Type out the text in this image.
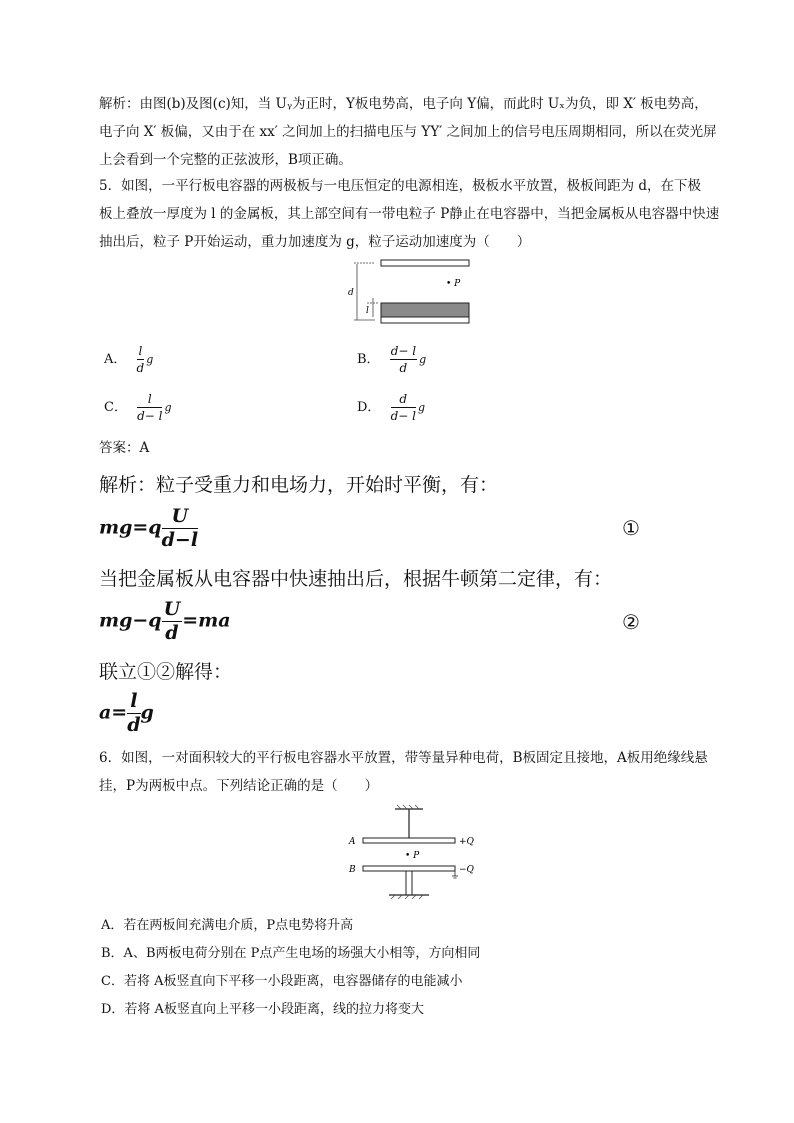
解析：由图(b)及图(c)知，当 Uᵧ为正时，Y板电势高，电子向 Y偏，而此时 Uₓ为负，即 X′ 板电势高，
电子向 X′ 板偏，又由于在 xx′ 之间加上的扫描电压与 YY′ 之间加上的信号电压周期相同，所以在荧光屏
上会看到一个完整的正弦波形，B项正确。
5．如图，一平行板电容器的两极板与一电压恒定的电源相连，极板水平放置，极板间距为 d，在下极
板上叠放一厚度为 l 的金属板，其上部空间有一带电粒子 P静止在电容器中，当把金属板从电容器中快速
抽出后，粒子 P开始运动，重力加速度为 g，粒子运动加速度为（　　）
d
l
• P
A． $\frac{l}{d}$ g	B． $\frac{d- l}{d}$ g
C． $\frac{l}{d- l}$ g	D． $\frac{d}{d- l}$ g
答案：A
解析：粒子受重力和电场力，开始时平衡，有：
$mg=q \frac{U}{d-l}$	①
当把金属板从电容器中快速抽出后，根据牛顿第二定律，有：
$mg-q \frac{U}{d} =ma$	②
联立①②解得：
$a= \frac{l}{d}$ g
6．如图，一对面积较大的平行板电容器水平放置，带等量异种电荷，B板固定且接地，A板用绝缘线悬
挂，P为两板中点。下列结论正确的是（　　）
A
B
+Q
−Q
• P
A．若在两板间充满电介质，P点电势将升高
B．A、B两板电荷分别在 P点产生电场的场强大小相等，方向相同
C．若将 A板竖直向下平移一小段距离，电容器储存的电能减小
D．若将 A板竖直向上平移一小段距离，线的拉力将变大
